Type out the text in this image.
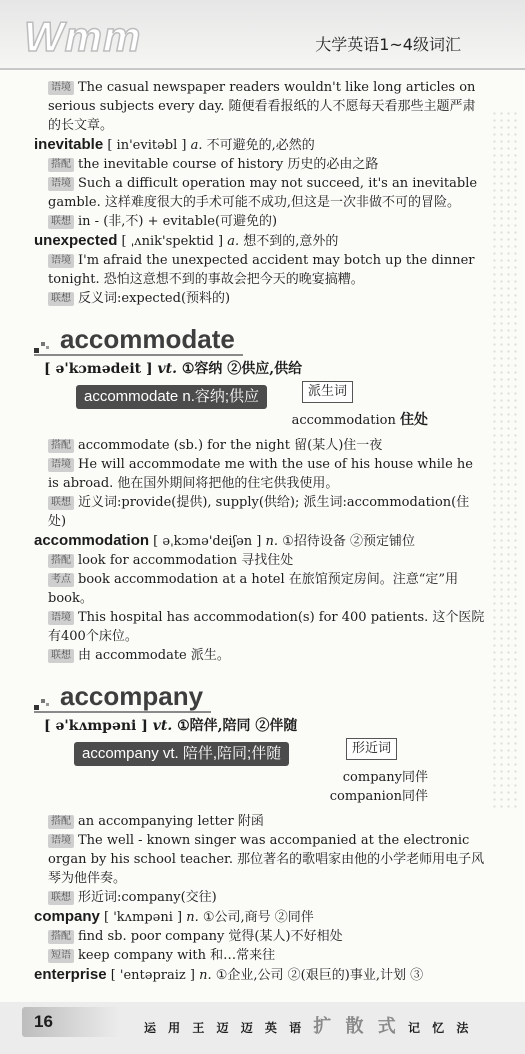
Wmm	大学英语1~4级词汇

语境 The casual newspaper readers wouldn't like long articles on serious subjects every day. 随便看看报纸的人不愿每天看那些主题严肃的长文章。

inevitable [ in'evitəbl ] a. 不可避免的,必然的

搭配 the inevitable course of history 历史的必由之路

语境 Such a difficult operation may not succeed, it's an inevitable gamble. 这样难度很大的手术可能不成功,但这是一次非做不可的冒险。

联想 in - (非,不) + evitable(可避免的)

unexpected [ ˌʌnik'spektid ] a. 想不到的,意外的

语境 I'm afraid the unexpected accident may botch up the dinner tonight. 恐怕这意想不到的事故会把今天的晚宴搞糟。

联想 反义词:expected(预料的)

accommodate
[ ə'kɔmədeit ] vt. ①容纳 ②供应,供给
accommodate n.容纳;供应	派生词
accommodation 住处

搭配 accommodate (sb.) for the night 留(某人)住一夜

语境 He will accommodate me with the use of his house while he is abroad. 他在国外期间将把他的住宅供我使用。

联想 近义词:provide(提供), supply(供给); 派生词:accommodation(住处)

accommodation [ əˌkɔmə'deiʃən ] n. ①招待设备 ②预定铺位

搭配 look for accommodation 寻找住处

考点 book accommodation at a hotel 在旅馆预定房间。注意“定”用 book。

语境 This hospital has accommodation(s) for 400 patients. 这个医院有400个床位。

联想 由 accommodate 派生。

accompany
[ ə'kʌmpəni ] vt. ①陪伴,陪同 ②伴随
accompany vt. 陪伴,陪同;伴随	形近词
company同伴
companion同伴

搭配 an accompanying letter 附函

语境 The well - known singer was accompanied at the electronic organ by his school teacher. 那位著名的歌唱家由他的小学老师用电子风琴为他伴奏。

联想 形近词:company(交往)

company [ 'kʌmpəni ] n. ①公司,商号 ②同伴

搭配 find sb. poor company 觉得(某人)不好相处

短语 keep company with 和…常来往

enterprise [ 'entəpraiz ] n. ①企业,公司 ②(艰巨的)事业,计划 ③

16	运 用 王 迈 迈 英 语 扩 散 式 记 忆 法
